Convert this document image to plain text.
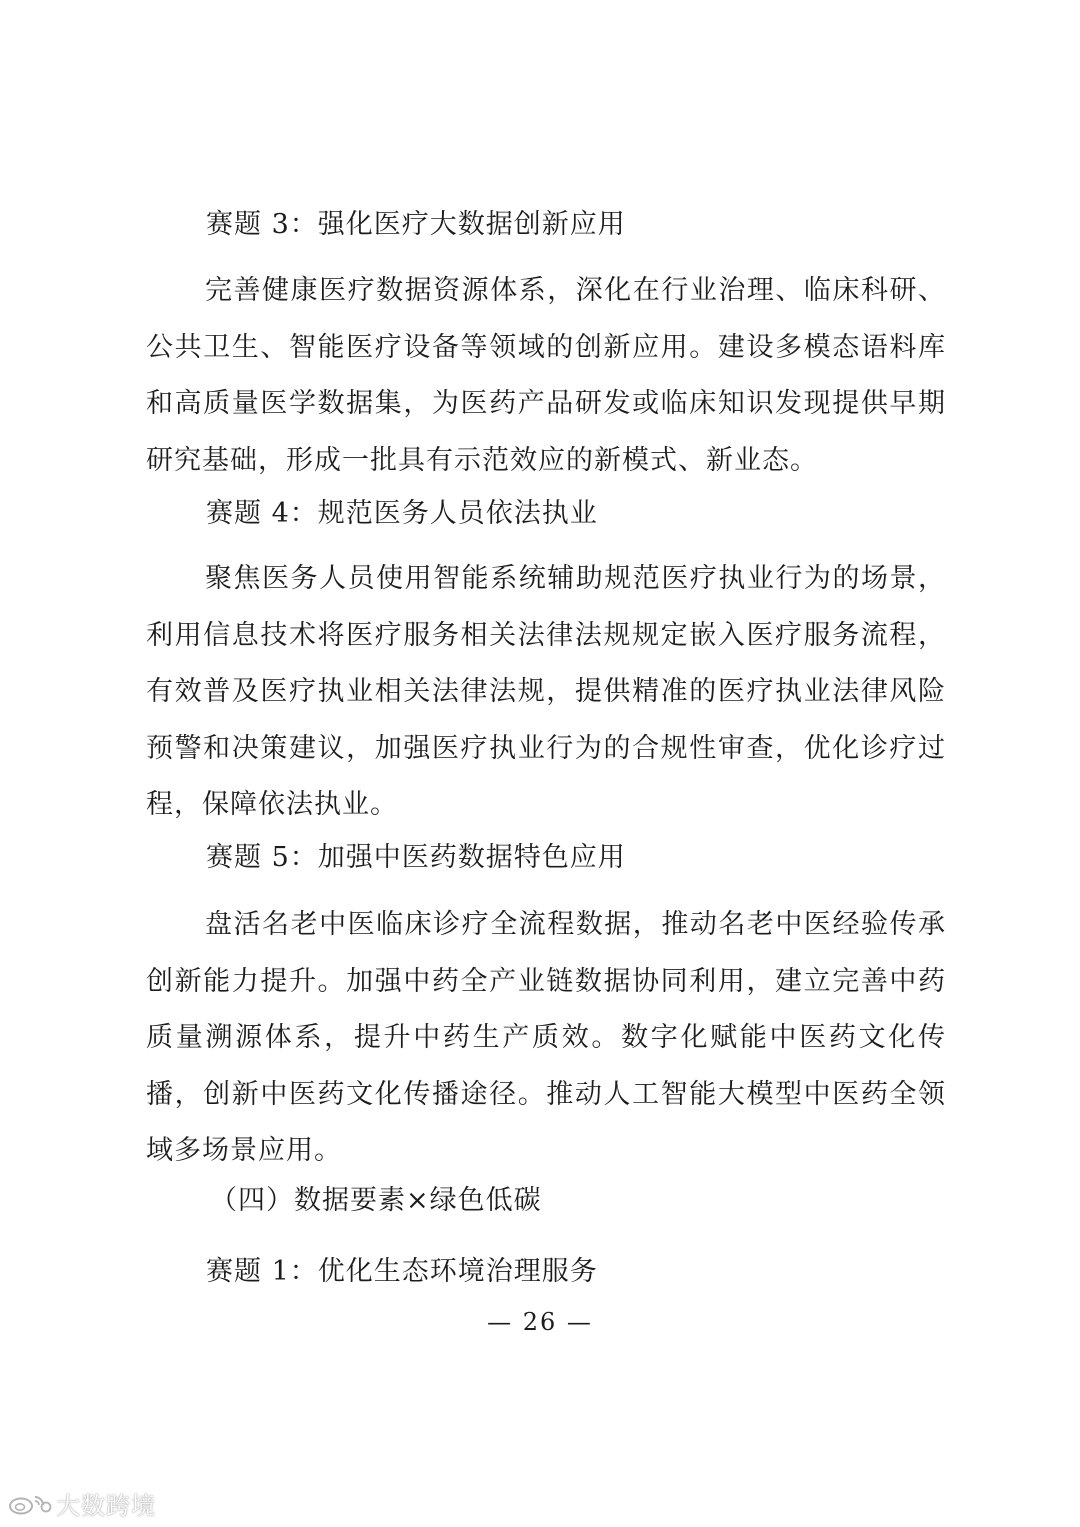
赛题 3：强化医疗大数据创新应用

完善健康医疗数据资源体系，深化在行业治理、临床科研、公共卫生、智能医疗设备等领域的创新应用。建设多模态语料库和高质量医学数据集，为医药产品研发或临床知识发现提供早期研究基础，形成一批具有示范效应的新模式、新业态。

赛题 4：规范医务人员依法执业

聚焦医务人员使用智能系统辅助规范医疗执业行为的场景，利用信息技术将医疗服务相关法律法规规定嵌入医疗服务流程，有效普及医疗执业相关法律法规，提供精准的医疗执业法律风险预警和决策建议，加强医疗执业行为的合规性审查，优化诊疗过程，保障依法执业。

赛题 5：加强中医药数据特色应用

盘活名老中医临床诊疗全流程数据，推动名老中医经验传承创新能力提升。加强中药全产业链数据协同利用，建立完善中药质量溯源体系，提升中药生产质效。数字化赋能中医药文化传播，创新中医药文化传播途径。推动人工智能大模型中医药全领域多场景应用。

（四）数据要素×绿色低碳
赛题 1：优化生态环境治理服务
— 26 —
大数跨境
